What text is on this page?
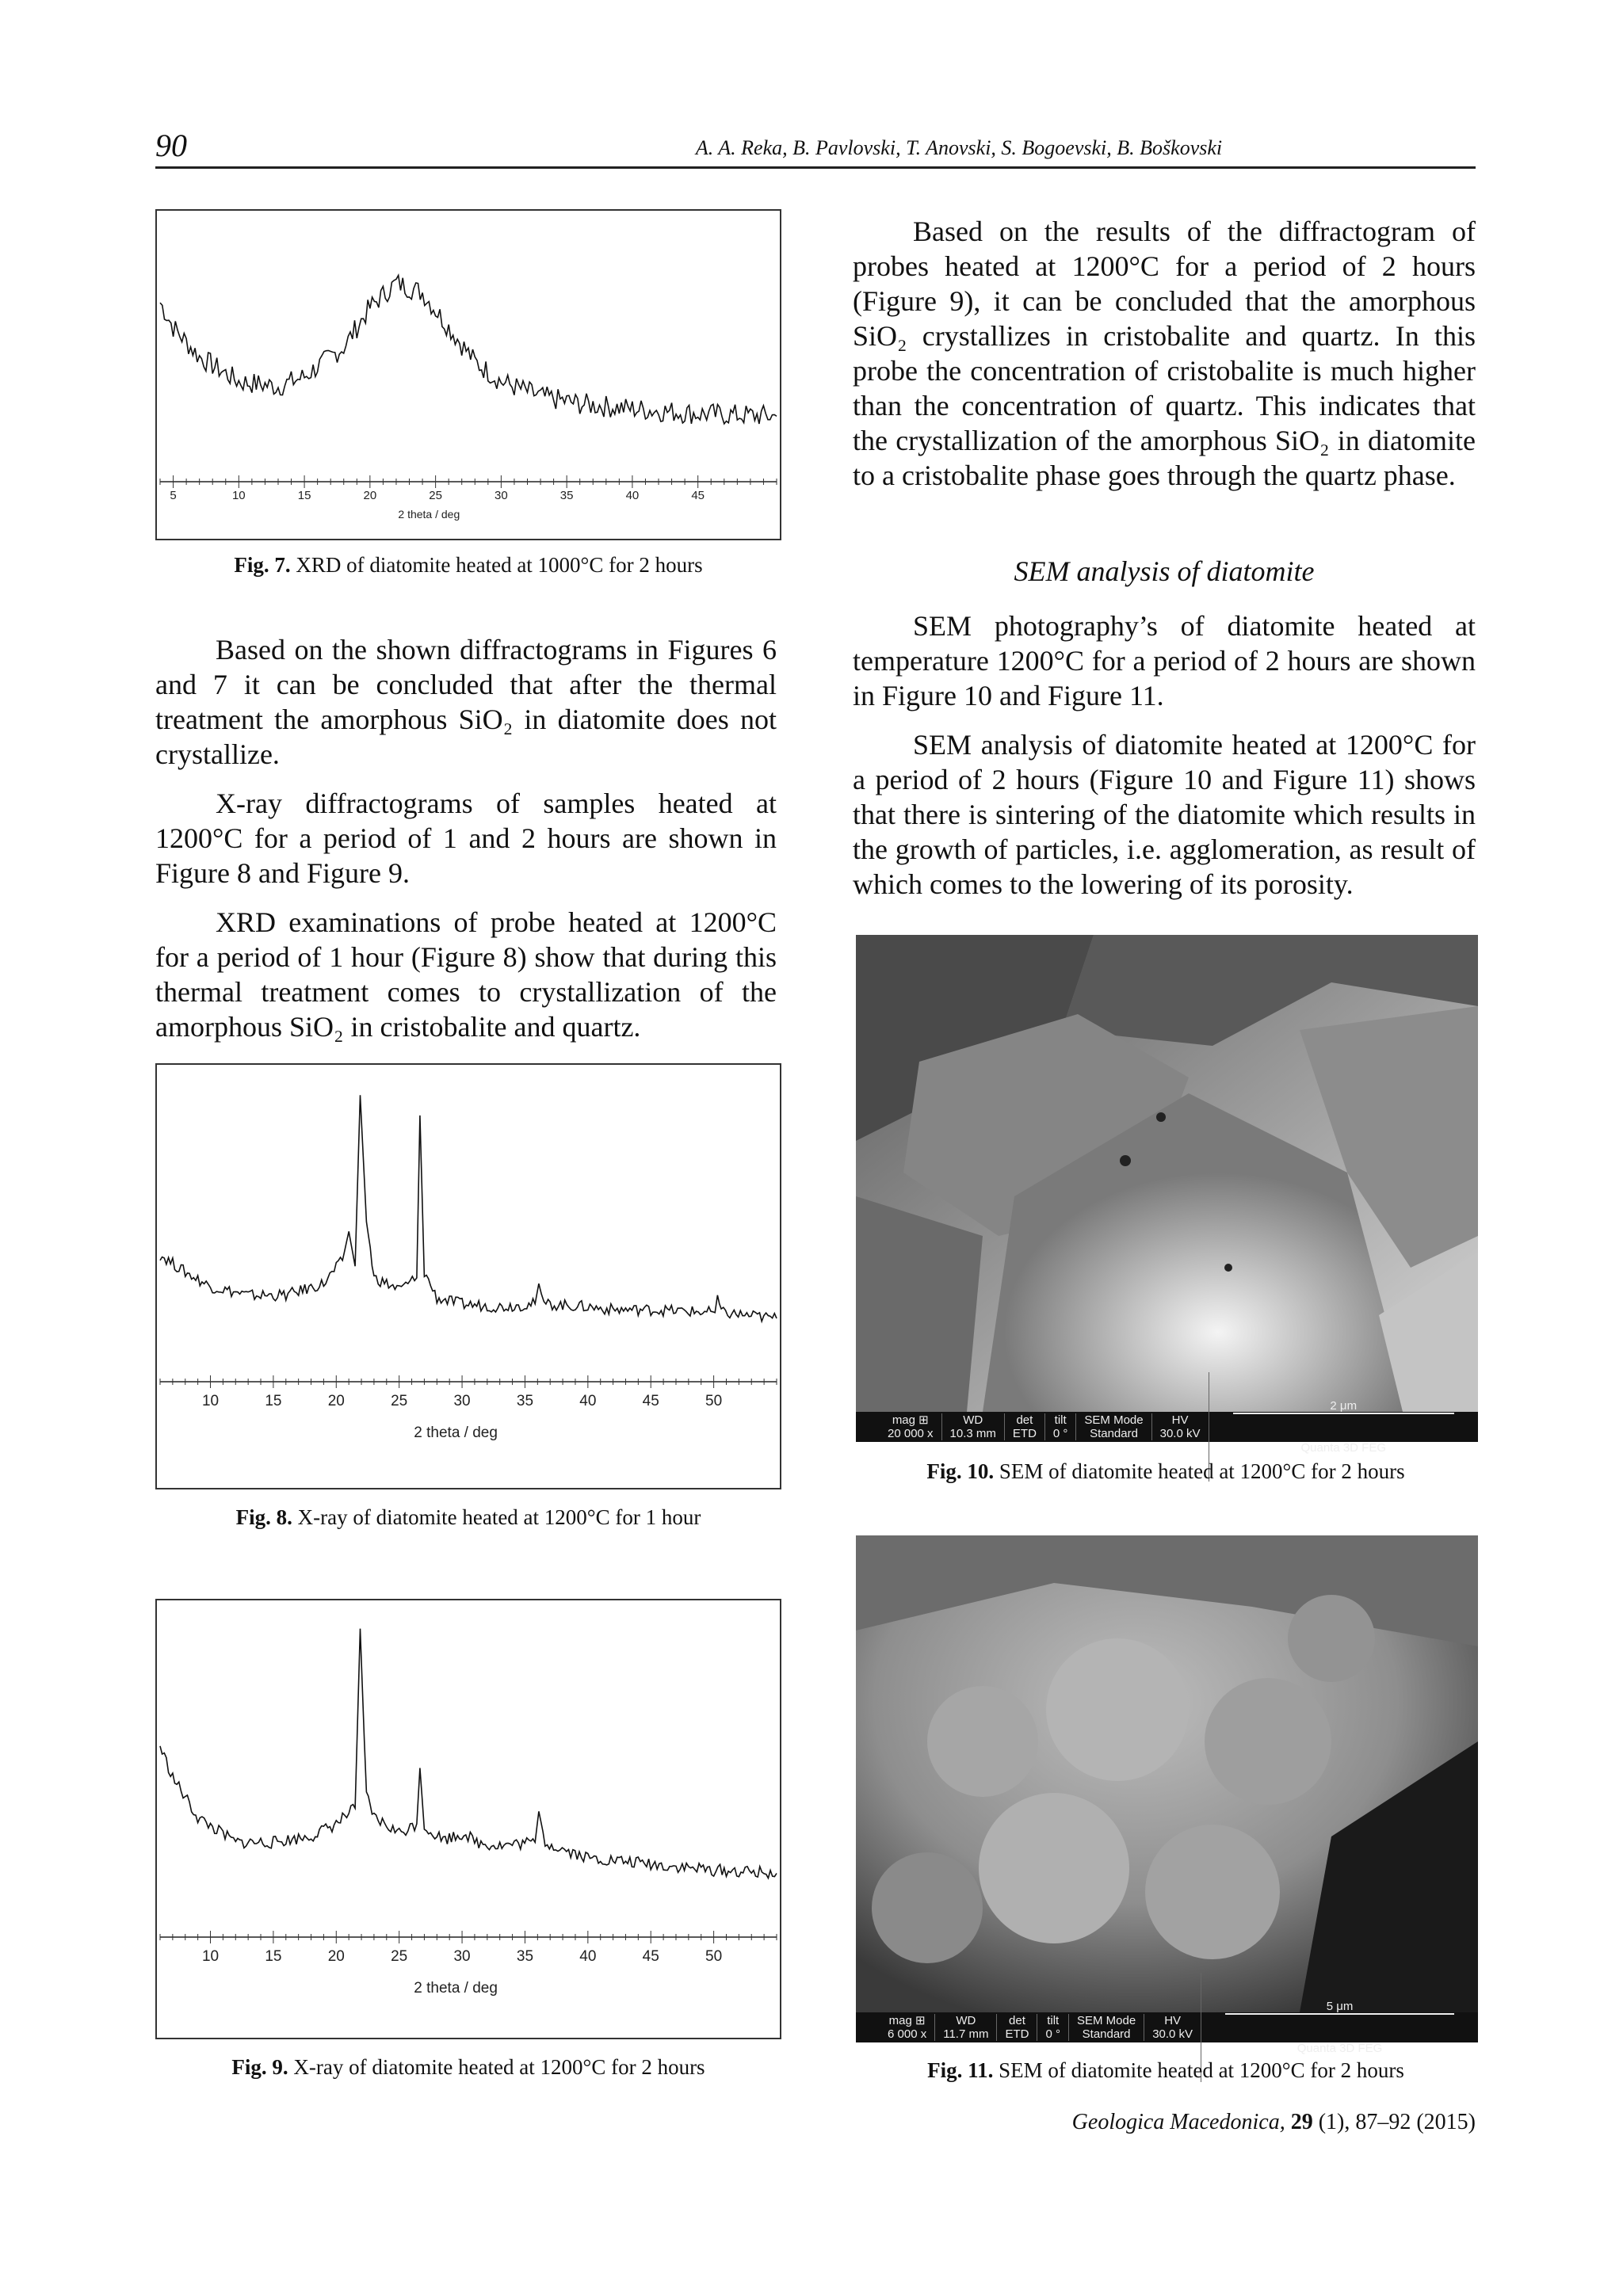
90	A. A. Reka, B. Pavlovski, T. Anovski, S. Bogoevski, B. Boškovski
5	10	15	20	25	30	35	40	45
2 theta / deg
Fig. 7. XRD of diatomite heated at 1000°C for 2 hours

Based on the shown diffractograms in Figures 6 and 7 it can be concluded that after the thermal treatment the amorphous SiO₂ in diatomite does not crystallize.

X-ray diffractograms of samples heated at 1200°C for a period of 1 and 2 hours are shown in Figure 8 and Figure 9.

XRD examinations of probe heated at 1200°C for a period of 1 hour (Figure 8) show that during this thermal treatment comes to crystallization of the amorphous SiO₂ in cristobalite and quartz.

10	15	20	25	30	35	40	45	50
2 theta / deg
Fig. 8. X-ray of diatomite heated at 1200°C for 1 hour
10	15	20	25	30	35	40	45	50
2 theta / deg
Fig. 9. X-ray of diatomite heated at 1200°C for 2 hours

Based on the results of the diffractogram of probes heated at 1200°C for a period of 2 hours (Figure 9), it can be concluded that the amorphous SiO₂ crystallizes in cristobalite and quartz. In this probe the concentration of cristobalite is much higher than the concentration of quartz. This indicates that the crystallization of the amorphous SiO₂ in diatomite to a cristobalite phase goes through the quartz phase.

SEM analysis of diatomite

SEM photography’s of diatomite heated at temperature 1200°C for a period of 2 hours are shown in Figure 10 and Figure 11.

SEM analysis of diatomite heated at 1200°C for a period of 2 hours (Figure 10 and Figure 11) shows that there is sintering of the diatomite which results in the growth of particles, i.e. agglomeration, as result of which comes to the lowering of its porosity.

mag ⊞
20 000 x
WD
10.3 mm
det
ETD
tilt
0 °
SEM Mode
Standard
HV
30.0 kV

2 μm

Quanta 3D FEG

Fig. 10. SEM of diatomite heated at 1200°C for 2 hours
mag ⊞
6 000 x
WD
11.7 mm
det
ETD
tilt
0 °
SEM Mode
Standard
HV
30.0 kV

5 μm

Quanta 3D FEG

Fig. 11. SEM of diatomite heated at 1200°C for 2 hours
Geologica Macedonica, 29 (1), 87–92 (2015)
